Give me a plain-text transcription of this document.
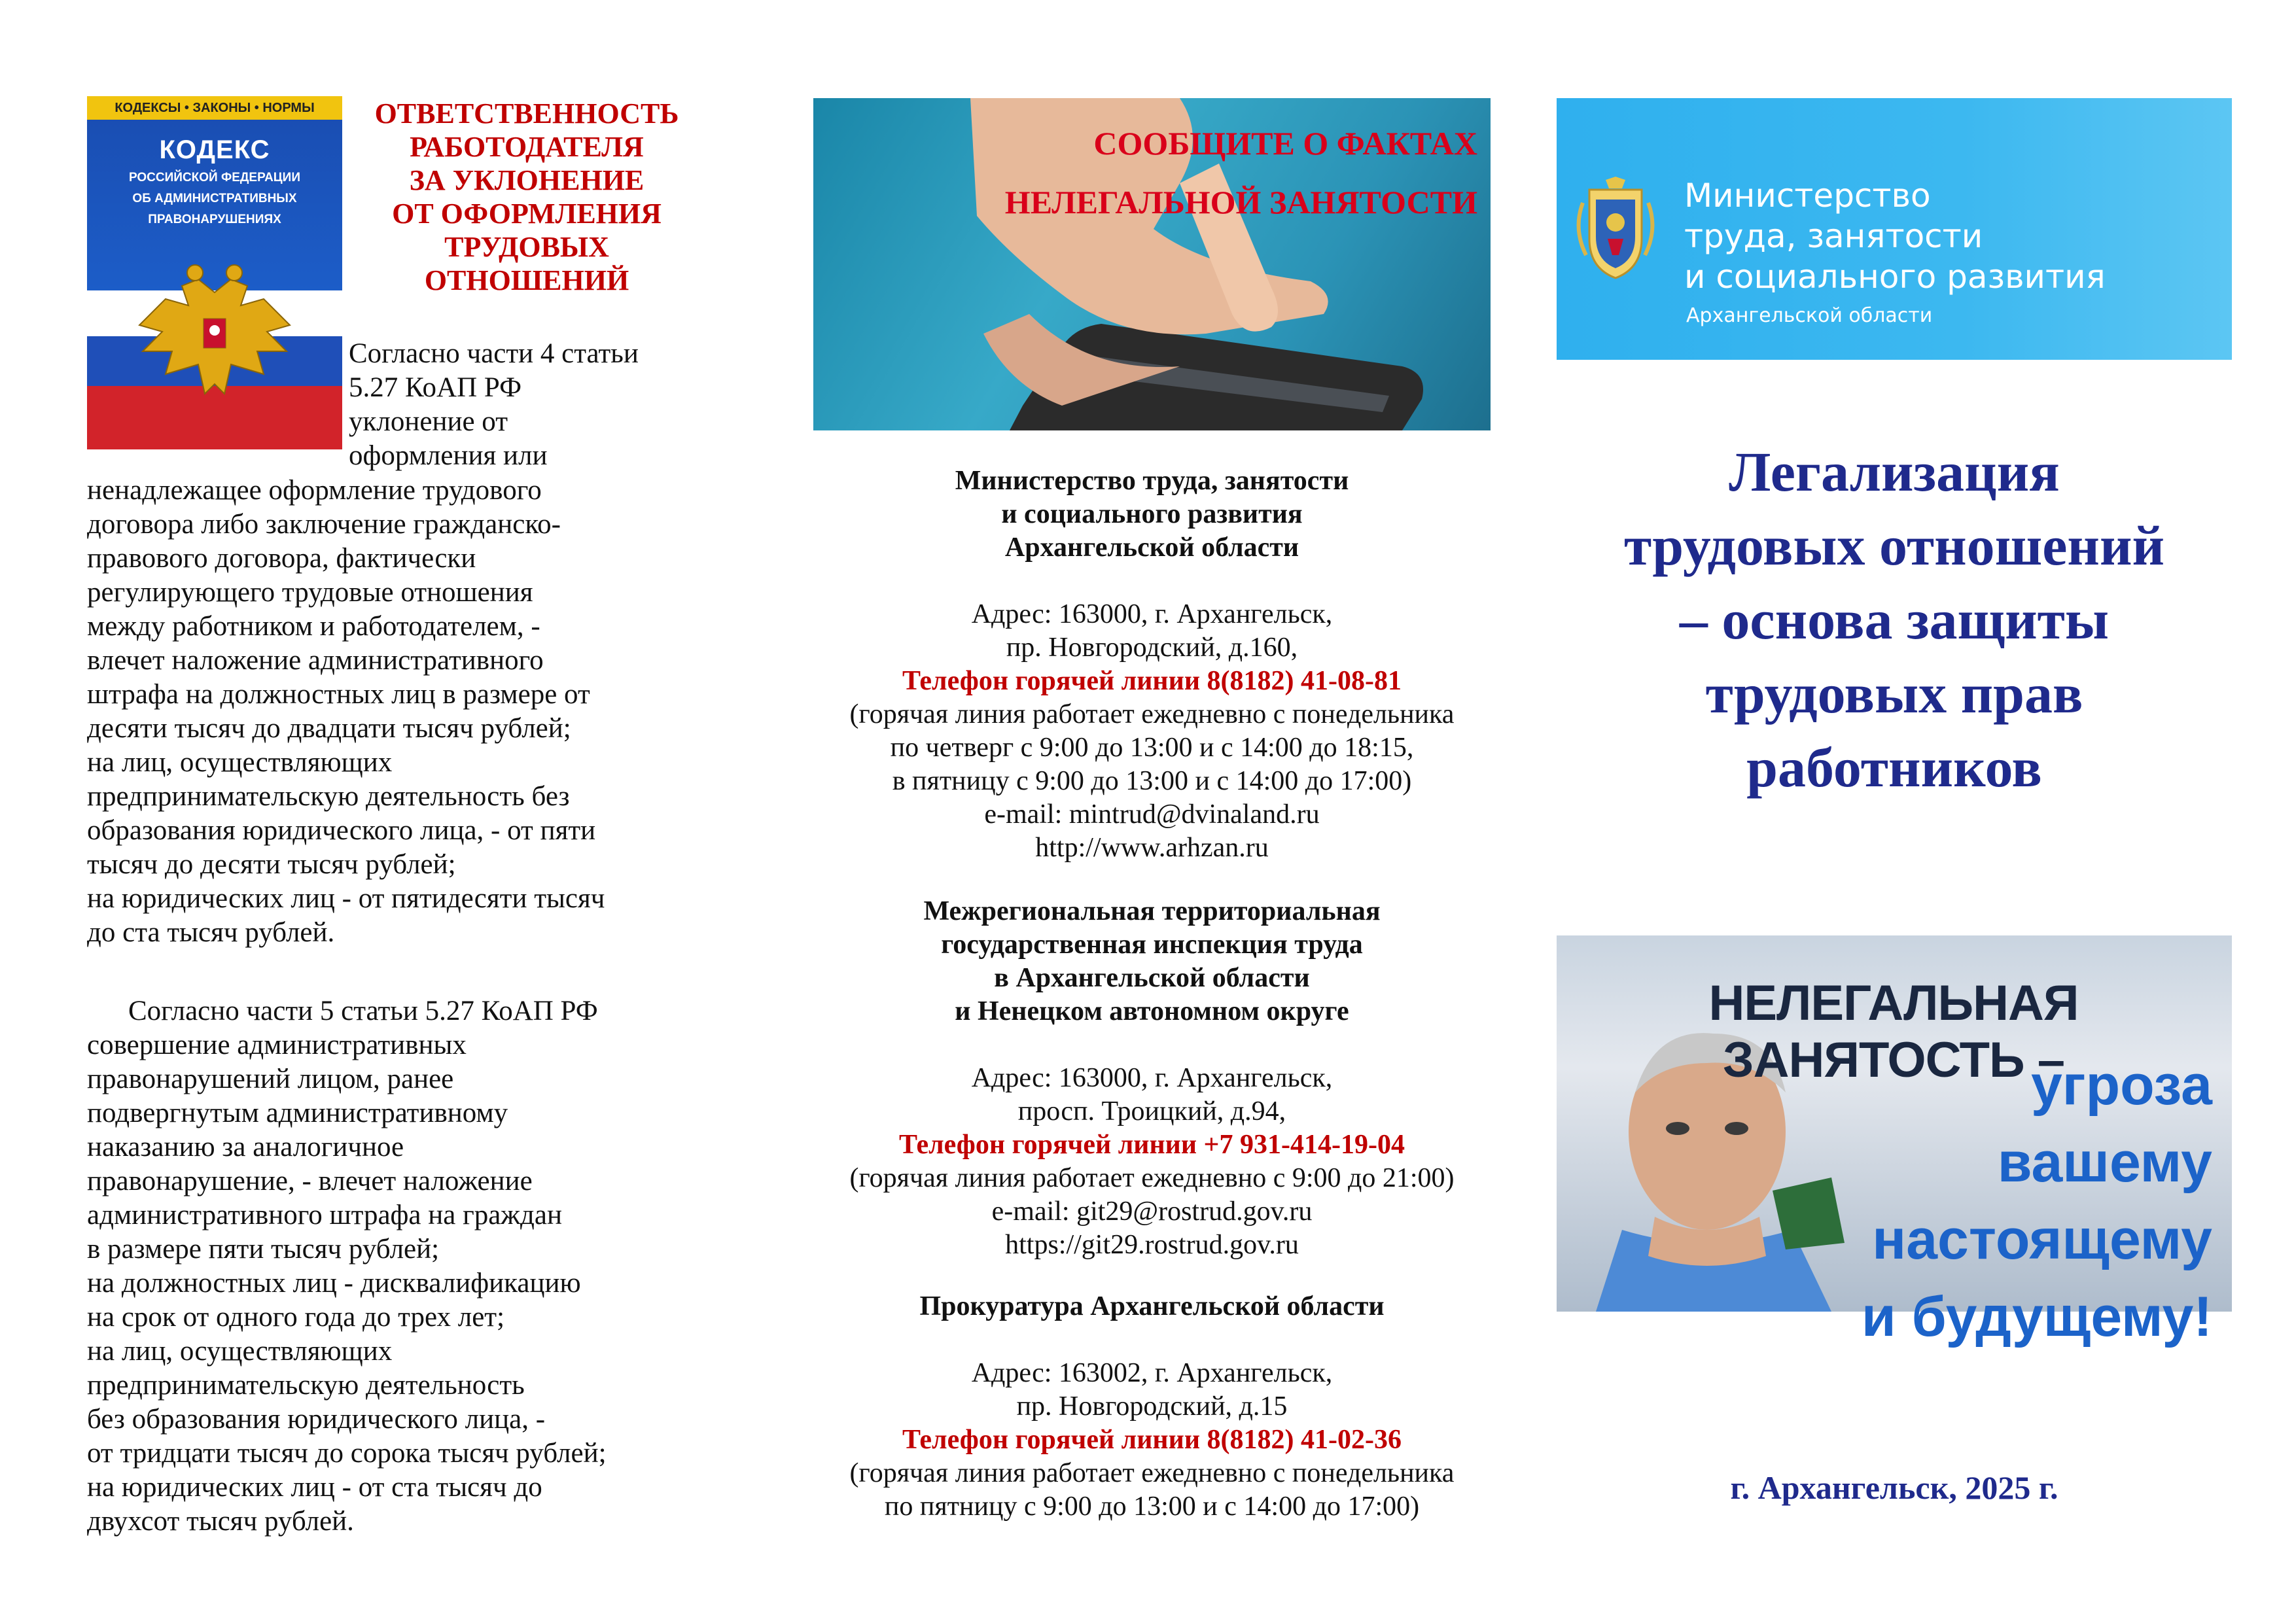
КОДЕКСЫ • ЗАКОНЫ • НОРМЫ
КОДЕКС
РОССИЙСКОЙ ФЕДЕРАЦИИ
ОБ АДМИНИСТРАТИВНЫХ
ПРАВОНАРУШЕНИЯХ
ОТВЕТСТВЕННОСТЬ
РАБОТОДАТЕЛЯ
ЗА УКЛОНЕНИЕ
ОТ ОФОРМЛЕНИЯ
ТРУДОВЫХ
ОТНОШЕНИЙ
Согласно части 4 статьи
5.27 КоАП РФ
уклонение от
оформления или
ненадлежащее оформление трудового
договора либо заключение гражданско-
правового договора, фактически
регулирующего трудовые отношения
между работником и работодателем, -
влечет наложение административного
штрафа на должностных лиц в размере от
десяти тысяч до двадцати тысяч рублей;
на лиц, осуществляющих
предпринимательскую деятельность без
образования юридического лица, - от пяти
тысяч до десяти тысяч рублей;
на юридических лиц - от пятидесяти тысяч
до ста тысяч рублей.
Согласно части 5 статьи 5.27 КоАП РФ
совершение административных
правонарушений лицом, ранее
подвергнутым административному
наказанию за аналогичное
правонарушение, - влечет наложение
административного штрафа на граждан
в размере пяти тысяч рублей;
на должностных лиц - дисквалификацию
на срок от одного года до трех лет;
на лиц, осуществляющих
предпринимательскую деятельность
без образования юридического лица, -
от тридцати тысяч до сорока тысяч рублей;
на юридических лиц - от ста тысяч до
двухсот тысяч рублей.
СООБЩИТЕ О ФАКТАХ
НЕЛЕГАЛЬНОЙ ЗАНЯТОСТИ
Министерство труда, занятости
и социального развития
Архангельской области
Адрес: 163000, г. Архангельск,
пр. Новгородский, д.160,
Телефон горячей линии 8(8182) 41-08-81
(горячая линия работает ежедневно с понедельника
по четверг с 9:00 до 13:00 и с 14:00 до 18:15,
в пятницу с 9:00 до 13:00 и с 14:00 до 17:00)
e-mail: mintrud@dvinaland.ru
http://www.arhzan.ru
Межрегиональная территориальная
государственная инспекция труда
в Архангельской области
и Ненецком автономном округе
Адрес: 163000, г. Архангельск,
просп. Троицкий, д.94,
Телефон горячей линии +7 931-414-19-04
(горячая линия работает ежедневно с 9:00 до 21:00)
e-mail: git29@rostrud.gov.ru
https://git29.rostrud.gov.ru
Прокуратура Архангельской области
Адрес: 163002, г. Архангельск,
пр. Новгородский, д.15
Телефон горячей линии 8(8182) 41-02-36
(горячая линия работает ежедневно с понедельника
по пятницу с 9:00 до 13:00 и с 14:00 до 17:00)
Министерство
труда, занятости
и социального развития
Архангельской области
Легализация
трудовых отношений
– основа защиты
трудовых прав
работников
НЕЛЕГАЛЬНАЯ ЗАНЯТОСТЬ –
угроза вашему
настоящему
и будущему!
г. Архангельск, 2025 г.
